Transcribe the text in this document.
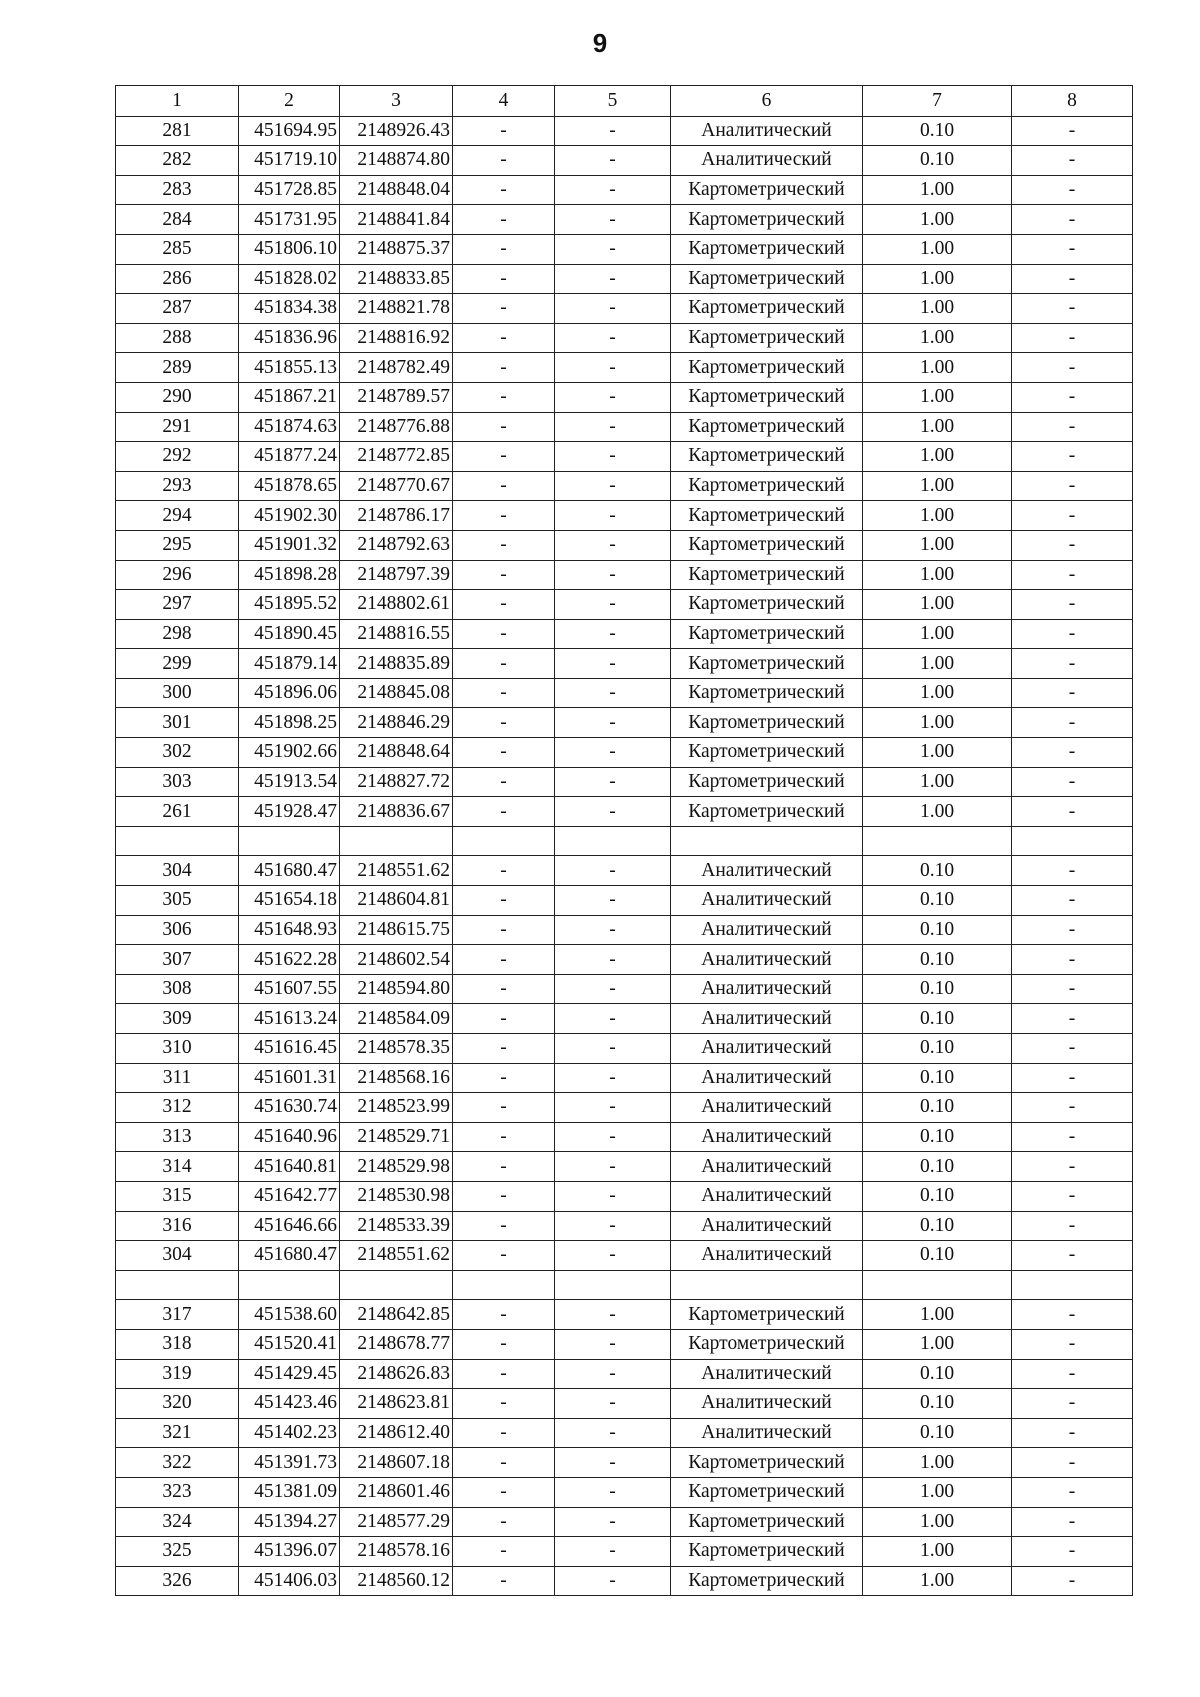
9
1	2	3	4	5	6	7	8
281	451694.95	2148926.43	-	-	Аналитический	0.10	-
282	451719.10	2148874.80	-	-	Аналитический	0.10	-
283	451728.85	2148848.04	-	-	Картометрический	1.00	-
284	451731.95	2148841.84	-	-	Картометрический	1.00	-
285	451806.10	2148875.37	-	-	Картометрический	1.00	-
286	451828.02	2148833.85	-	-	Картометрический	1.00	-
287	451834.38	2148821.78	-	-	Картометрический	1.00	-
288	451836.96	2148816.92	-	-	Картометрический	1.00	-
289	451855.13	2148782.49	-	-	Картометрический	1.00	-
290	451867.21	2148789.57	-	-	Картометрический	1.00	-
291	451874.63	2148776.88	-	-	Картометрический	1.00	-
292	451877.24	2148772.85	-	-	Картометрический	1.00	-
293	451878.65	2148770.67	-	-	Картометрический	1.00	-
294	451902.30	2148786.17	-	-	Картометрический	1.00	-
295	451901.32	2148792.63	-	-	Картометрический	1.00	-
296	451898.28	2148797.39	-	-	Картометрический	1.00	-
297	451895.52	2148802.61	-	-	Картометрический	1.00	-
298	451890.45	2148816.55	-	-	Картометрический	1.00	-
299	451879.14	2148835.89	-	-	Картометрический	1.00	-
300	451896.06	2148845.08	-	-	Картометрический	1.00	-
301	451898.25	2148846.29	-	-	Картометрический	1.00	-
302	451902.66	2148848.64	-	-	Картометрический	1.00	-
303	451913.54	2148827.72	-	-	Картометрический	1.00	-
261	451928.47	2148836.67	-	-	Картометрический	1.00	-

304	451680.47	2148551.62	-	-	Аналитический	0.10	-
305	451654.18	2148604.81	-	-	Аналитический	0.10	-
306	451648.93	2148615.75	-	-	Аналитический	0.10	-
307	451622.28	2148602.54	-	-	Аналитический	0.10	-
308	451607.55	2148594.80	-	-	Аналитический	0.10	-
309	451613.24	2148584.09	-	-	Аналитический	0.10	-
310	451616.45	2148578.35	-	-	Аналитический	0.10	-
311	451601.31	2148568.16	-	-	Аналитический	0.10	-
312	451630.74	2148523.99	-	-	Аналитический	0.10	-
313	451640.96	2148529.71	-	-	Аналитический	0.10	-
314	451640.81	2148529.98	-	-	Аналитический	0.10	-
315	451642.77	2148530.98	-	-	Аналитический	0.10	-
316	451646.66	2148533.39	-	-	Аналитический	0.10	-
304	451680.47	2148551.62	-	-	Аналитический	0.10	-

317	451538.60	2148642.85	-	-	Картометрический	1.00	-
318	451520.41	2148678.77	-	-	Картометрический	1.00	-
319	451429.45	2148626.83	-	-	Аналитический	0.10	-
320	451423.46	2148623.81	-	-	Аналитический	0.10	-
321	451402.23	2148612.40	-	-	Аналитический	0.10	-
322	451391.73	2148607.18	-	-	Картометрический	1.00	-
323	451381.09	2148601.46	-	-	Картометрический	1.00	-
324	451394.27	2148577.29	-	-	Картометрический	1.00	-
325	451396.07	2148578.16	-	-	Картометрический	1.00	-
326	451406.03	2148560.12	-	-	Картометрический	1.00	-
